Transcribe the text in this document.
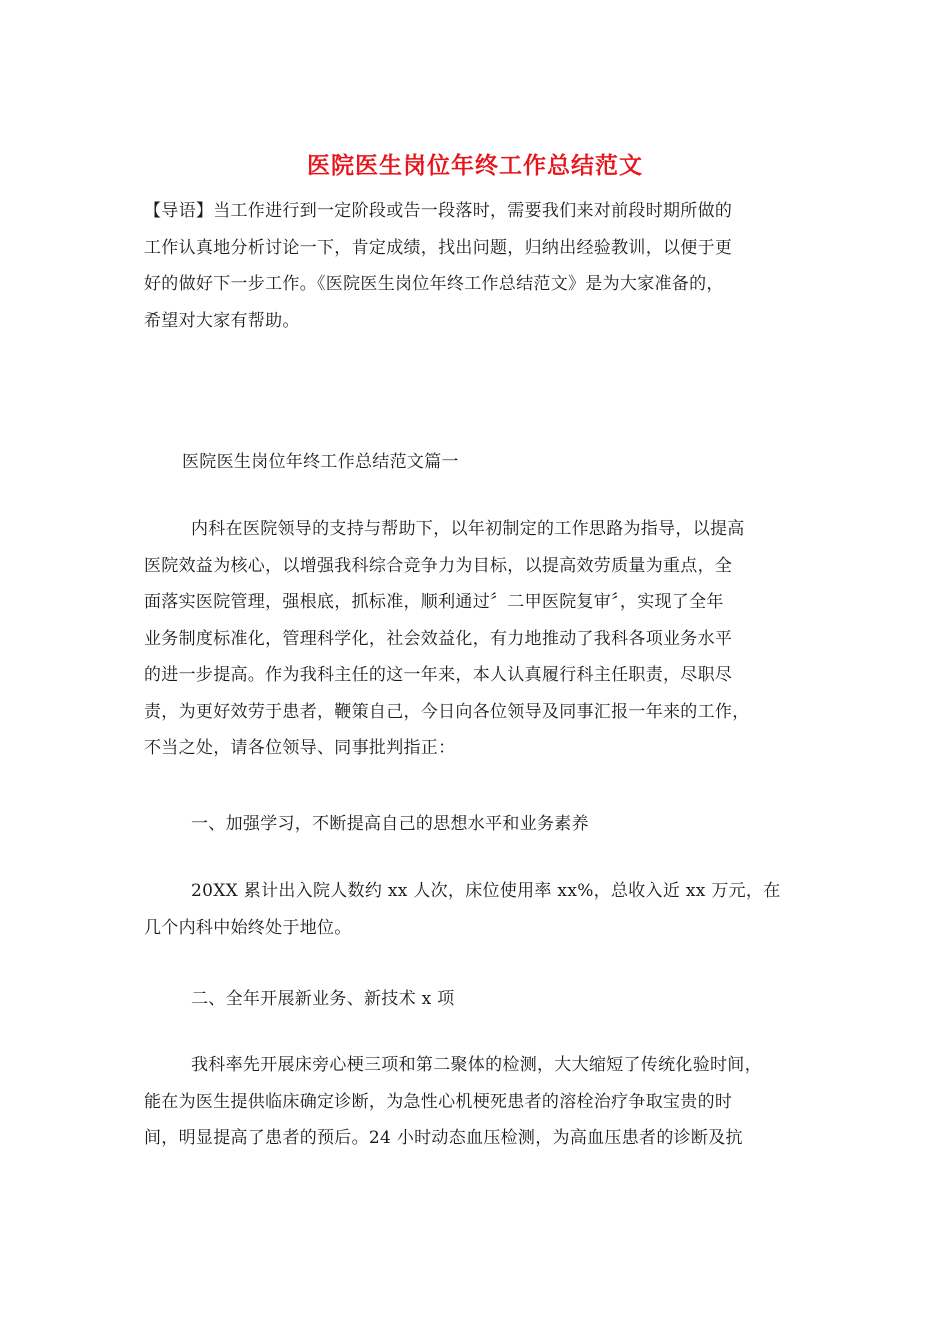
医院医生岗位年终工作总结范文
【导语】当工作进行到一定阶段或告一段落时，需要我们来对前段时期所做的
工作认真地分析讨论一下，肯定成绩，找出问题，归纳出经验教训，以便于更
好的做好下一步工作。《医院医生岗位年终工作总结范文》是为大家准备的，
希望对大家有帮助。
医院医生岗位年终工作总结范文篇一
内科在医院领导的支持与帮助下，以年初制定的工作思路为指导，以提高
医院效益为核心，以增强我科综合竞争力为目标，以提高效劳质量为重点，全
面落实医院管理，强根底，抓标准，顺利通过〞二甲医院复审〞，实现了全年
业务制度标准化，管理科学化，社会效益化，有力地推动了我科各项业务水平
的进一步提高。作为我科主任的这一年来，本人认真履行科主任职责，尽职尽
责，为更好效劳于患者，鞭策自己，今日向各位领导及同事汇报一年来的工作，
不当之处，请各位领导、同事批判指正：
一、加强学习，不断提高自己的思想水平和业务素养
20XX 累计出入院人数约 xx 人次，床位使用率 xx%，总收入近 xx 万元，在
几个内科中始终处于地位。
二、全年开展新业务、新技术 x 项
我科率先开展床旁心梗三项和第二聚体的检测，大大缩短了传统化验时间，
能在为医生提供临床确定诊断，为急性心机梗死患者的溶栓治疗争取宝贵的时
间，明显提高了患者的预后。24 小时动态血压检测，为高血压患者的诊断及抗
